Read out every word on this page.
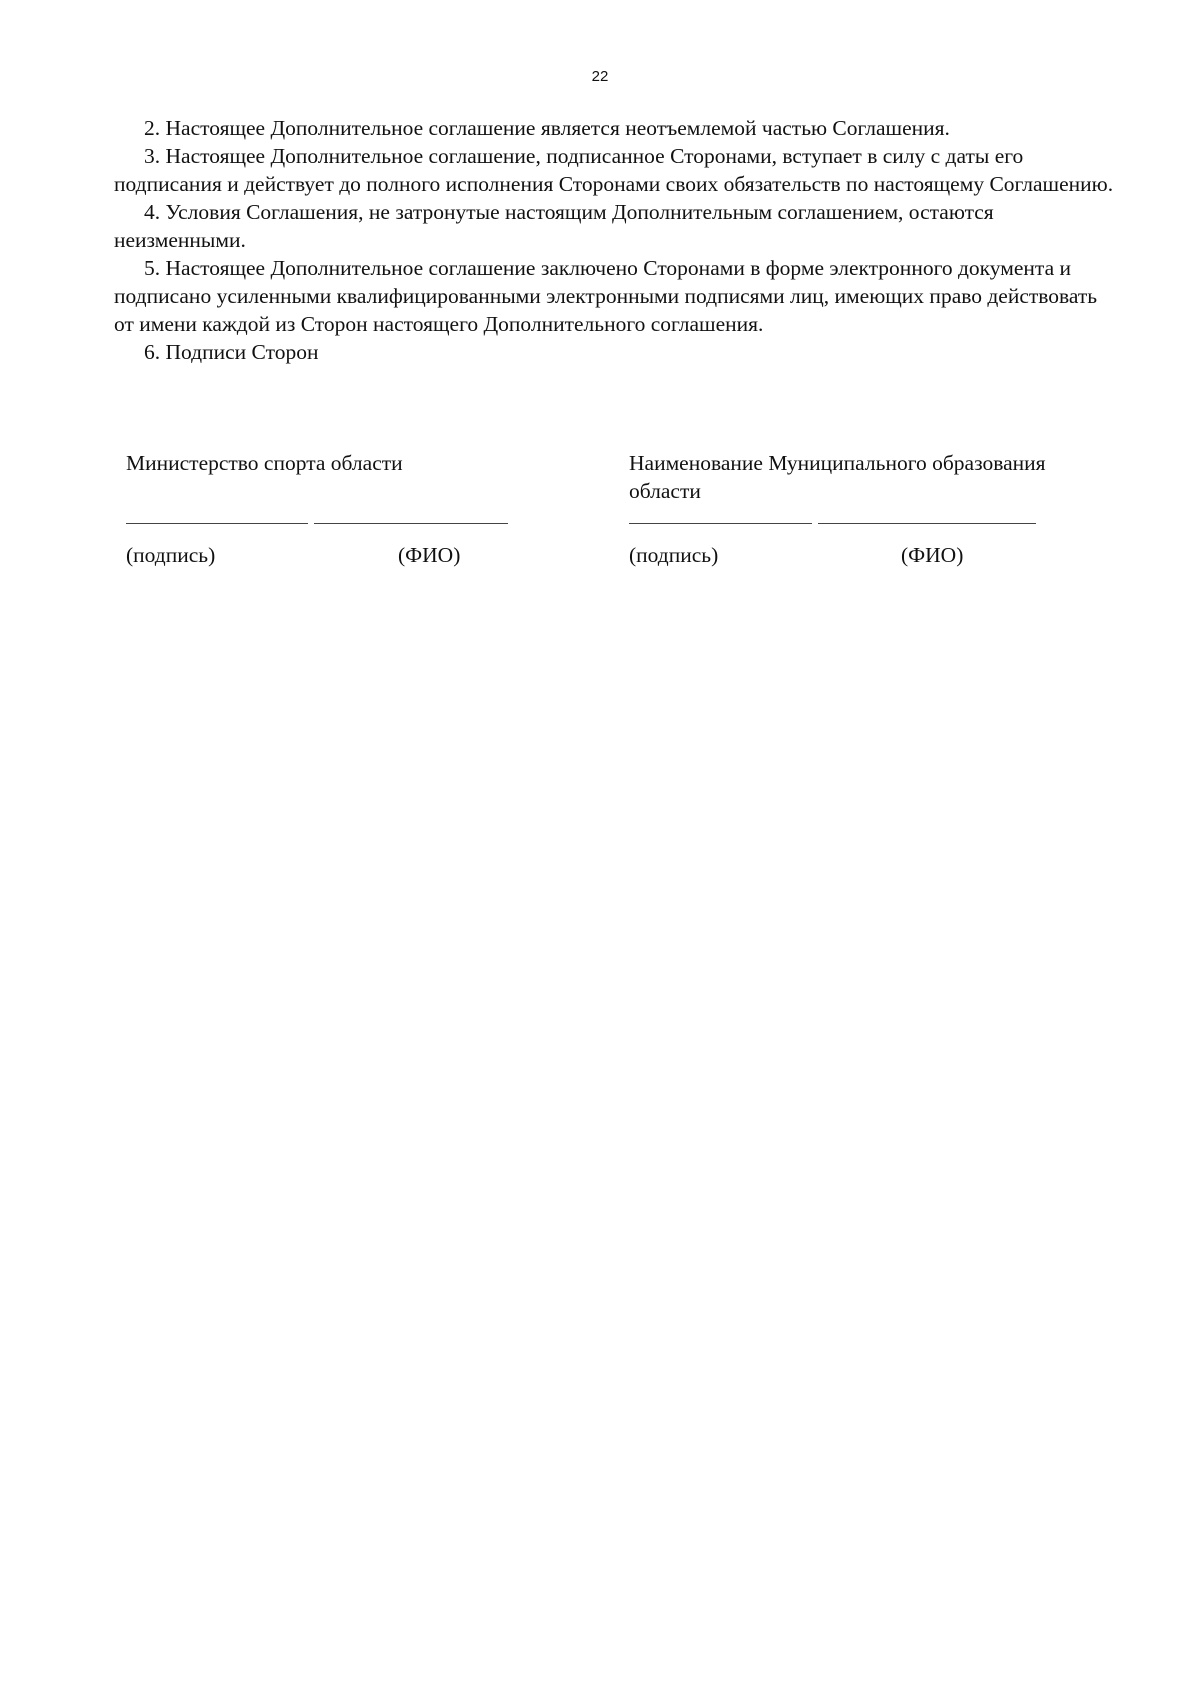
22

2. Настоящее Дополнительное соглашение является неотъемлемой частью Соглашения.

3. Настоящее Дополнительное соглашение, подписанное Сторонами, вступает в силу с даты его подписания и действует до полного исполнения Сторонами своих обязательств по настоящему Соглашению.

4. Условия Соглашения, не затронутые настоящим Дополнительным соглашением, остаются неизменными.

5. Настоящее Дополнительное соглашение заключено Сторонами в форме электронного документа и подписано усиленными квалифицированными электронными подписями лиц, имеющих право действовать от имени каждой из Сторон настоящего Дополнительного соглашения.

6. Подписи Сторон

Министерство спорта области

(подпись)	(ФИО)

Наименование Муниципального образования области

(подпись)	(ФИО)
